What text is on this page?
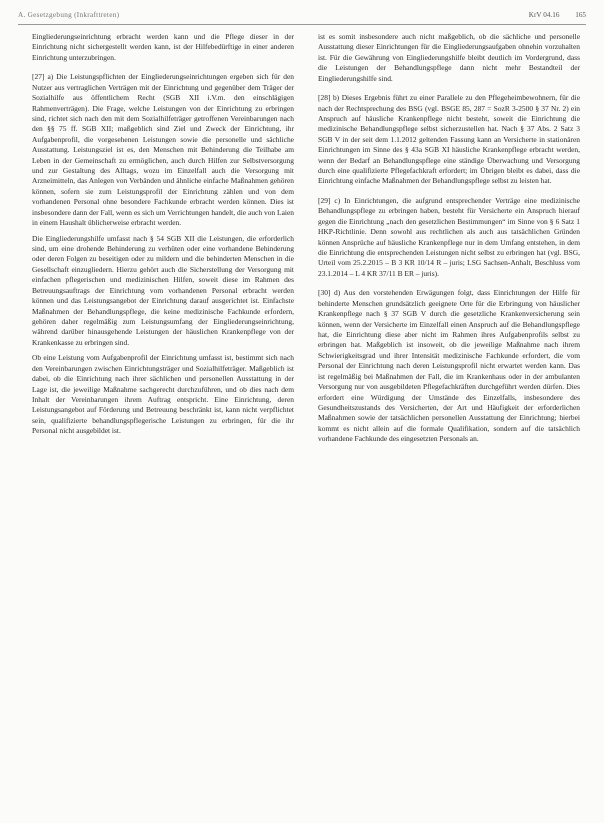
A. Gesetzgebung (Inkrafttreten)	KrV 04.16 165

Eingliederungseinrichtung erbracht werden kann und die Pflege dieser in der Einrichtung nicht sichergestellt werden kann, ist der Hilfebedürftige in einer anderen Einrichtung unterzubringen.

[27] a) Die Leistungspflichten der Eingliederungseinrichtungen ergeben sich für den Nutzer aus vertraglichen Verträgen mit der Einrichtung und gegenüber dem Träger der Sozialhilfe aus öffentlichem Recht (SGB XII i.V.m. den einschlägigen Rahmenverträgen). Die Frage, welche Leistungen von der Einrichtung zu erbringen sind, richtet sich nach den mit dem Sozialhilfeträger getroffenen Vereinbarungen nach den §§ 75 ff. SGB XII; maßgeblich sind Ziel und Zweck der Einrichtung, ihr Aufgabenprofil, die vorgesehenen Leistungen sowie die personelle und sächliche Ausstattung. Leistungsziel ist es, den Menschen mit Behinderung die Teilhabe am Leben in der Gemeinschaft zu ermöglichen, auch durch Hilfen zur Selbstversorgung und zur Gestaltung des Alltags, wozu im Einzelfall auch die Versorgung mit Arzneimitteln, das Anlegen von Verbänden und ähnliche einfache Maßnahmen gehören können, sofern sie zum Leistungsprofil der Einrichtung zählen und von dem vorhandenen Personal ohne besondere Fachkunde erbracht werden können. Dies ist insbesondere dann der Fall, wenn es sich um Verrichtungen handelt, die auch von Laien in einem Haushalt üblicherweise erbracht werden.

Die Eingliederungshilfe umfasst nach § 54 SGB XII die Leistungen, die erforderlich sind, um eine drohende Behinderung zu verhüten oder eine vorhandene Behinderung oder deren Folgen zu beseitigen oder zu mildern und die behinderten Menschen in die Gesellschaft einzugliedern. Hierzu gehört auch die Sicherstellung der Versorgung mit einfachen pflegerischen und medizinischen Hilfen, soweit diese im Rahmen des Betreuungsauftrags der Einrichtung vom vorhandenen Personal erbracht werden können und das Leistungsangebot der Einrichtung darauf ausgerichtet ist. Einfachste Maßnahmen der Behandlungspflege, die keine medizinische Fachkunde erfordern, gehören daher regelmäßig zum Leistungsumfang der Eingliederungseinrichtung, während darüber hinausgehende Leistungen der häuslichen Krankenpflege von der Krankenkasse zu erbringen sind.

Ob eine Leistung vom Aufgabenprofil der Einrichtung umfasst ist, bestimmt sich nach den Vereinbarungen zwischen Einrichtungsträger und Sozialhilfeträger. Maßgeblich ist dabei, ob die Einrichtung nach ihrer sächlichen und personellen Ausstattung in der Lage ist, die jeweilige Maßnahme sachgerecht durchzuführen, und ob dies nach dem Inhalt der Vereinbarungen ihrem Auftrag entspricht. Eine Einrichtung, deren Leistungsangebot auf Förderung und Betreuung beschränkt ist, kann nicht verpflichtet sein, qualifizierte behandlungspflegerische Leistungen zu erbringen, für die ihr Personal nicht ausgebildet ist.

ist es somit insbesondere auch nicht maßgeblich, ob die sächliche und personelle Ausstattung dieser Einrichtungen für die Eingliederungsaufgaben ohnehin vorzuhalten ist. Für die Gewährung von Eingliederungshilfe bleibt deutlich im Vordergrund, dass die Leistungen der Behandlungspflege dann nicht mehr Bestandteil der Eingliederungshilfe sind.

[28] b) Dieses Ergebnis führt zu einer Parallele zu den Pflegeheimbewohnern, für die nach der Rechtsprechung des BSG (vgl. BSGE 85, 287 = SozR 3-2500 § 37 Nr. 2) ein Anspruch auf häusliche Krankenpflege nicht besteht, soweit die Einrichtung die medizinische Behandlungspflege selbst sicherzustellen hat. Nach § 37 Abs. 2 Satz 3 SGB V in der seit dem 1.1.2012 geltenden Fassung kann an Versicherte in stationären Einrichtungen im Sinne des § 43a SGB XI häusliche Krankenpflege erbracht werden, wenn der Bedarf an Behandlungspflege eine ständige Überwachung und Versorgung durch eine qualifizierte Pflegefachkraft erfordert; im Übrigen bleibt es dabei, dass die Einrichtung einfache Maßnahmen der Behandlungspflege selbst zu leisten hat.

[29] c) In Einrichtungen, die aufgrund entsprechender Verträge eine medizinische Behandlungspflege zu erbringen haben, besteht für Versicherte ein Anspruch hierauf gegen die Einrichtung „nach den gesetzlichen Bestimmungen“ im Sinne von § 6 Satz 1 HKP-Richtlinie. Denn sowohl aus rechtlichen als auch aus tatsächlichen Gründen können Ansprüche auf häusliche Krankenpflege nur in dem Umfang entstehen, in dem die Einrichtung die entsprechenden Leistungen nicht selbst zu erbringen hat (vgl. BSG, Urteil vom 25.2.2015 – B 3 KR 10/14 R – juris; LSG Sachsen-Anhalt, Beschluss vom 23.1.2014 – L 4 KR 37/11 B ER – juris).

[30] d) Aus den vorstehenden Erwägungen folgt, dass Einrichtungen der Hilfe für behinderte Menschen grundsätzlich geeignete Orte für die Erbringung von häuslicher Krankenpflege nach § 37 SGB V durch die gesetzliche Krankenversicherung sein können, wenn der Versicherte im Einzelfall einen Anspruch auf die Behandlungspflege hat, die Einrichtung diese aber nicht im Rahmen ihres Aufgabenprofils selbst zu erbringen hat. Maßgeblich ist insoweit, ob die jeweilige Maßnahme nach ihrem Schwierigkeitsgrad und ihrer Intensität medizinische Fachkunde erfordert, die vom Personal der Einrichtung nach deren Leistungsprofil nicht erwartet werden kann. Das ist regelmäßig bei Maßnahmen der Fall, die im Krankenhaus oder in der ambulanten Versorgung nur von ausgebildeten Pflegefachkräften durchgeführt werden dürfen. Dies erfordert eine Würdigung der Umstände des Einzelfalls, insbesondere des Gesundheitszustands des Versicherten, der Art und Häufigkeit der erforderlichen Maßnahmen sowie der tatsächlichen personellen Ausstattung der Einrichtung; hierbei kommt es nicht allein auf die formale Qualifikation, sondern auf die tatsächlich vorhandene Fachkunde des eingesetzten Personals an.
